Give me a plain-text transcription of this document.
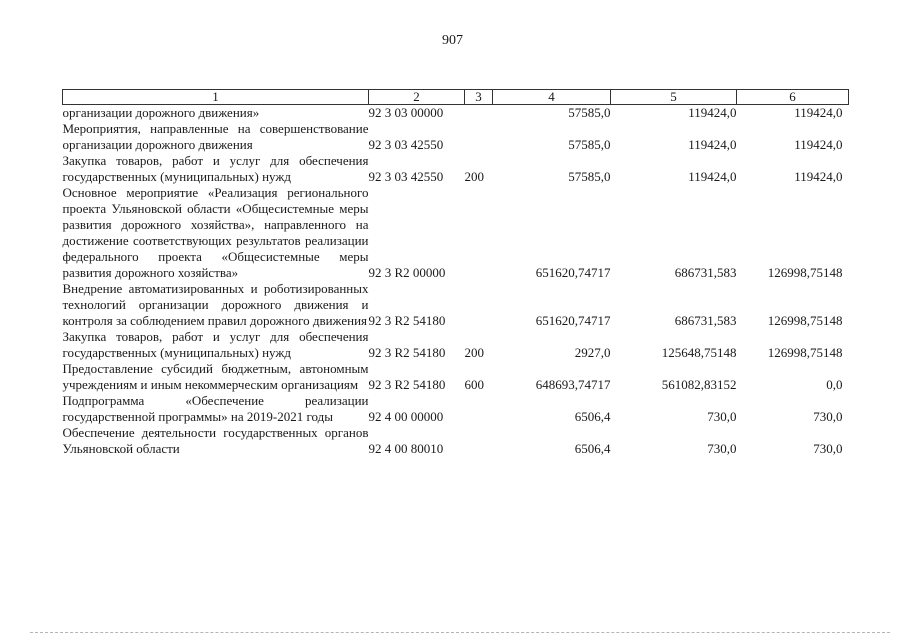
907
1	2	3	4	5	6
организации дорожного движения»	92 3 03 00000		57585,0	119424,0	119424,0
Мероприятия, направленные на совершенствование организации дорожного движения	92 3 03 42550		57585,0	119424,0	119424,0
Закупка товаров, работ и услуг для обеспечения государственных (муниципальных) нужд	92 3 03 42550	200	57585,0	119424,0	119424,0
Основное мероприятие «Реализация регионального проекта Ульяновской области «Общесистемные меры развития дорожного хозяйства», направленного на достижение соответствующих результатов реализации федерального проекта «Общесистемные меры развития дорожного хозяйства»	92 3 R2 00000		651620,74717	686731,583	126998,75148
Внедрение автоматизированных и роботизированных технологий организации дорожного движения и контроля за соблюдением правил дорожного движения	92 3 R2 54180		651620,74717	686731,583	126998,75148
Закупка товаров, работ и услуг для обеспечения государственных (муниципальных) нужд	92 3 R2 54180	200	2927,0	125648,75148	126998,75148
Предоставление субсидий бюджетным, автономным учреждениям и иным некоммерческим организациям	92 3 R2 54180	600	648693,74717	561082,83152	0,0
Подпрограмма «Обеспечение реализации государственной программы» на 2019-2021 годы	92 4 00 00000		6506,4	730,0	730,0
Обеспечение деятельности государственных органов Ульяновской области	92 4 00 80010		6506,4	730,0	730,0
